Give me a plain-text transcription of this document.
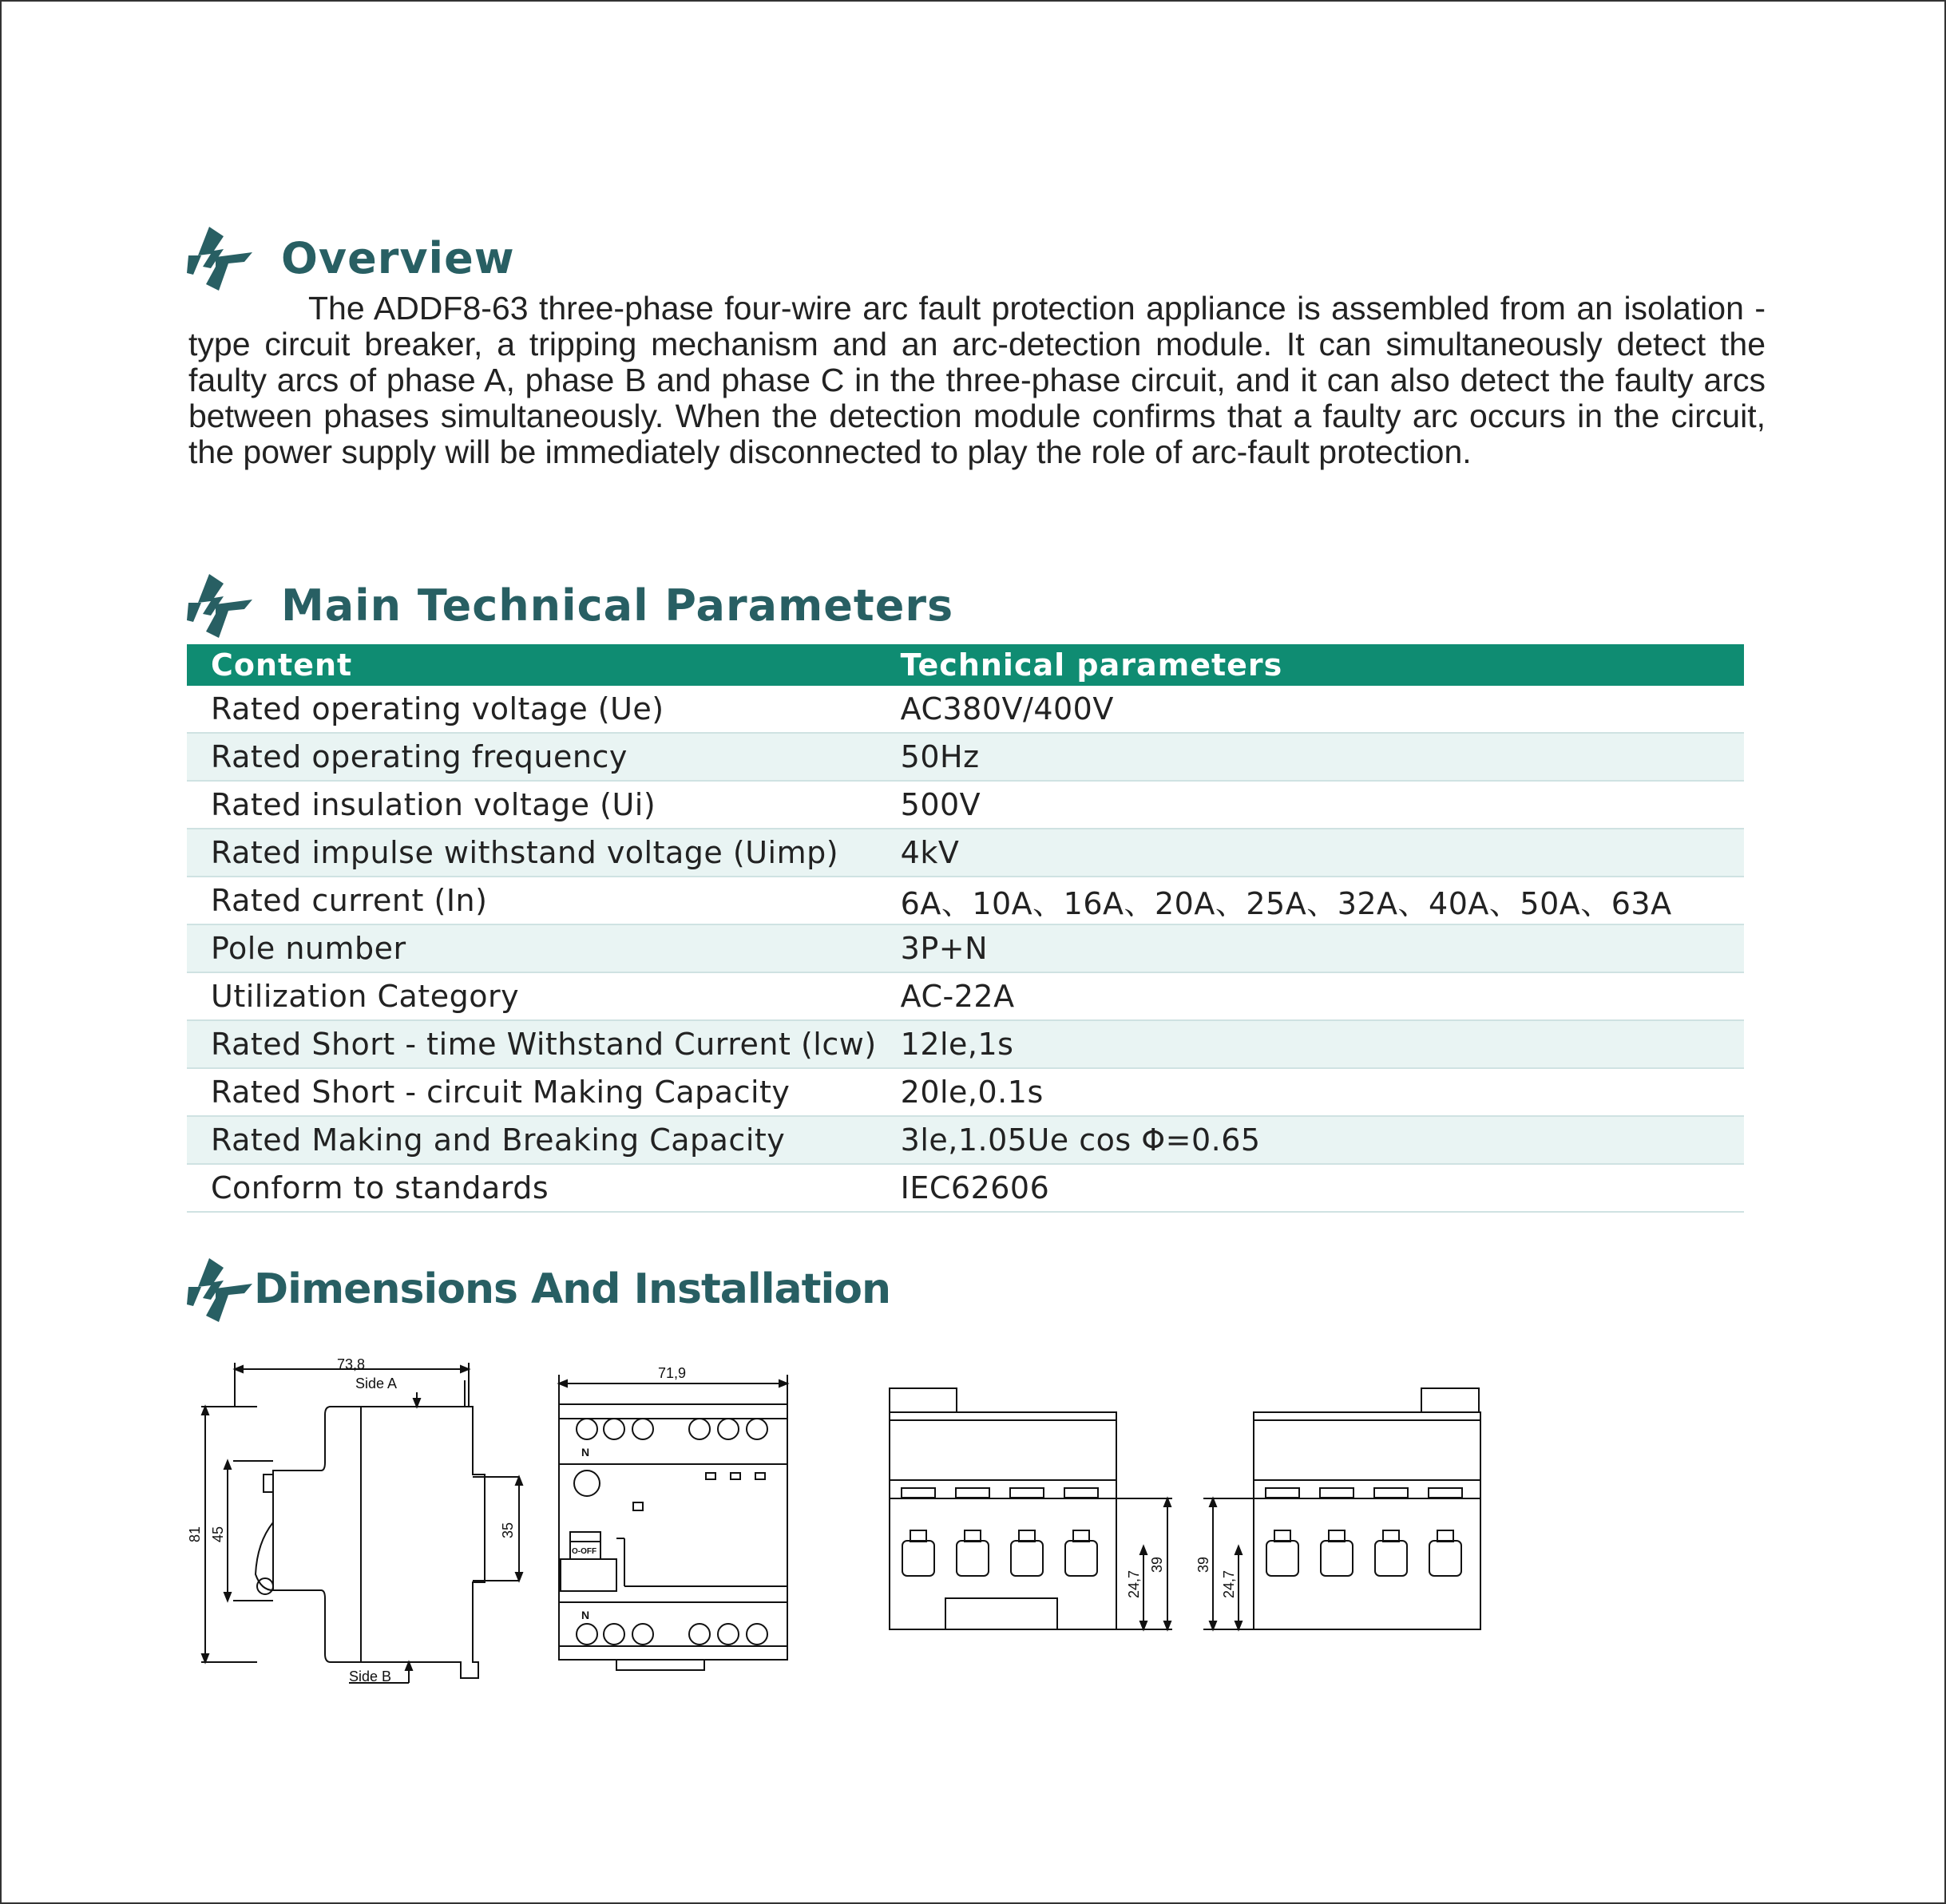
Overview
The ADDF8-63 three-phase four-wire arc fault protection appliance is assembled from an isolation - type circuit breaker, a tripping mechanism and an arc-detection module. It can simultaneously detect the faulty arcs of phase A, phase B and phase C in the three-phase circuit, and it can also detect the faulty arcs between phases simultaneously. When the detection module confirms that a faulty arc occurs in the circuit, the power supply will be immediately disconnected to play the role of arc-fault protection.
Main Technical Parameters
Content	Technical parameters
Rated operating voltage (Ue)	AC380V/400V
Rated operating frequency	50Hz
Rated insulation voltage (Ui)	500V
Rated impulse withstand voltage (Uimp)	4kV
Rated current (In)	6A、10A、16A、20A、25A、32A、40A、50A、63A
Pole number	3P+N
Utilization Category	AC-22A
Rated Short - time Withstand Current (lcw)	12le,1s
Rated Short - circuit Making Capacity	20le,0.1s
Rated Making and Breaking Capacity	3le,1.05Ue cos Φ=0.65
Conform to standards	IEC62606
Dimensions And Installation
73,8
Side A
Side B
81 45	35
71,9
N
N
O-OFF
24,7
39 39
24,7
